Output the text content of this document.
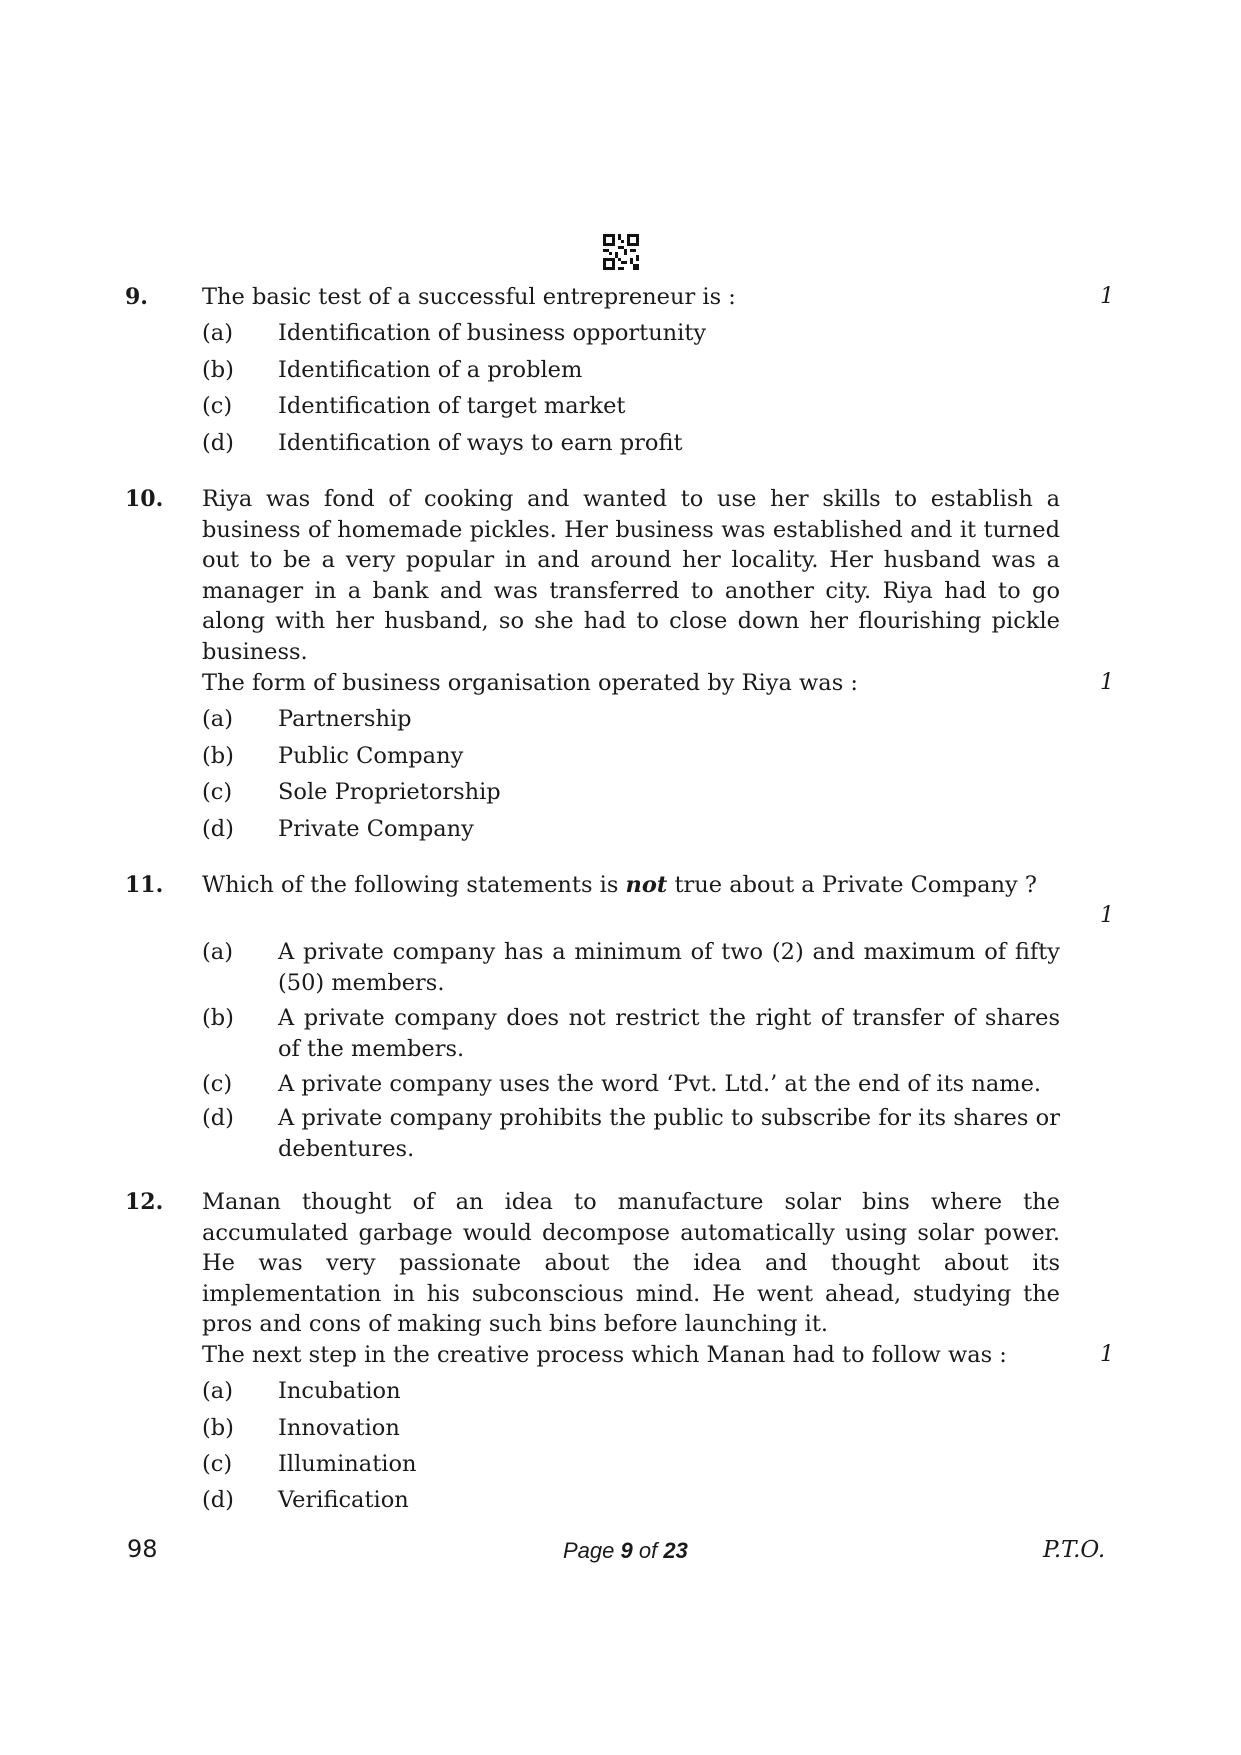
9. The basic test of a successful entrepreneur is :	1
(a) Identification of business opportunity
(b) Identification of a problem
(c) Identification of target market
(d) Identification of ways to earn profit
10. Riya was fond of cooking and wanted to use her skills to establish a business of homemade pickles. Her business was established and it turned out to be a very popular in and around her locality. Her husband was a manager in a bank and was transferred to another city. Riya had to go along with her husband, so she had to close down her flourishing pickle business.
The form of business organisation operated by Riya was :	1
(a) Partnership
(b) Public Company
(c) Sole Proprietorship
(d) Private Company
11. Which of the following statements is not true about a Private Company ?
1
(a) A private company has a minimum of two (2) and maximum of fifty (50) members.
(b) A private company does not restrict the right of transfer of shares of the members.
(c) A private company uses the word ‘Pvt. Ltd.’ at the end of its name.
(d) A private company prohibits the public to subscribe for its shares or debentures.
12. Manan thought of an idea to manufacture solar bins where the accumulated garbage would decompose automatically using solar power. He was very passionate about the idea and thought about its implementation in his subconscious mind. He went ahead, studying the pros and cons of making such bins before launching it.
The next step in the creative process which Manan had to follow was :	1
(a) Incubation
(b) Innovation
(c) Illumination
(d) Verification
98	Page 9 of 23	P.T.O.
